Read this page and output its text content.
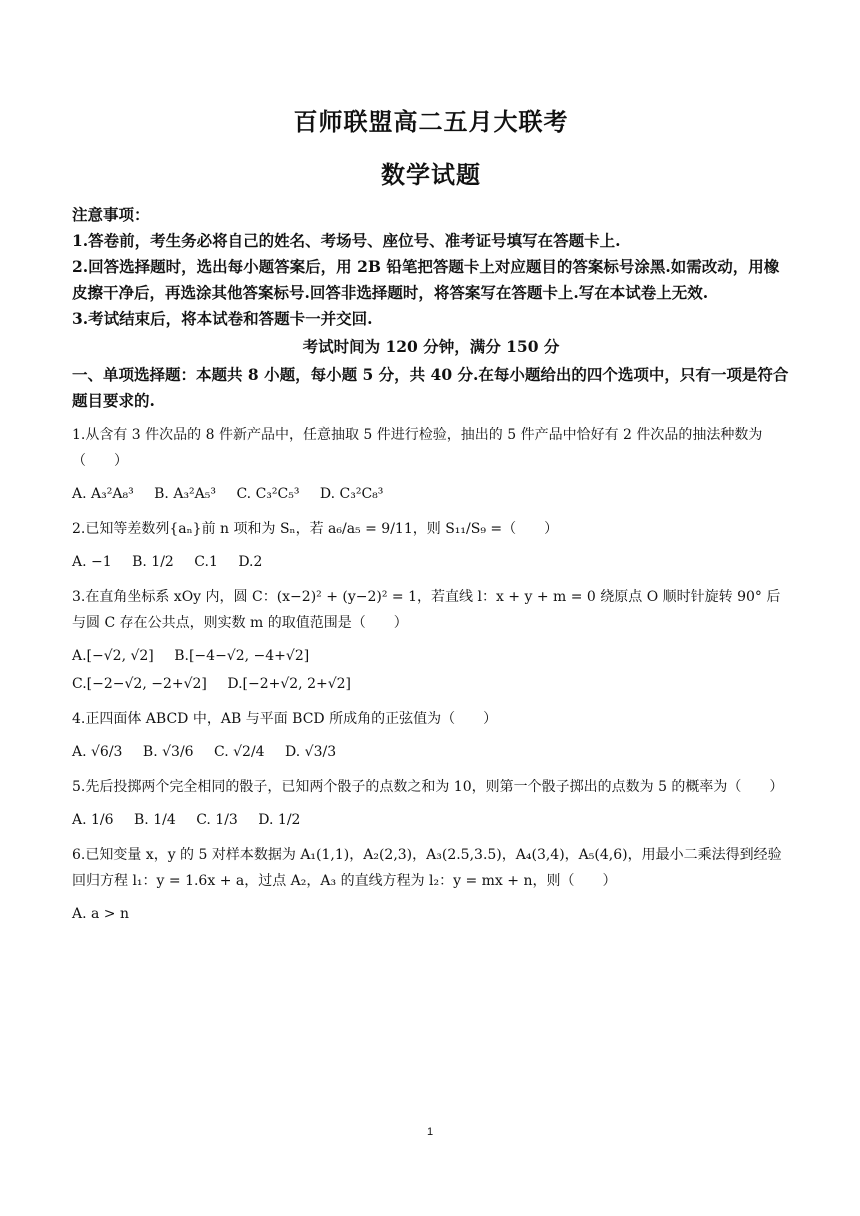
百师联盟高二五月大联考
数学试题
注意事项：
1.答卷前，考生务必将自己的姓名、考场号、座位号、准考证号填写在答题卡上.
2.回答选择题时，选出每小题答案后，用 2B 铅笔把答题卡上对应题目的答案标号涂黑.如需改动，用橡皮擦干净后，再选涂其他答案标号.回答非选择题时，将答案写在答题卡上.写在本试卷上无效.
3.考试结束后，将本试卷和答题卡一并交回.
考试时间为 120 分钟，满分 150 分
一、单项选择题：本题共 8 小题，每小题 5 分，共 40 分.在每小题给出的四个选项中，只有一项是符合题目要求的.
1.从含有 3 件次品的 8 件新产品中，任意抽取 5 件进行检验，抽出的 5 件产品中恰好有 2 件次品的抽法种数为（　　）
A. A₃²A₈³ B. A₃²A₅³ C. C₃²C₅³ D. C₃²C₈³
2.已知等差数列{aₙ}前 n 项和为 Sₙ，若 a₆/a₅ = 9/11，则 S₁₁/S₉ =（　　）
A. −1 B. 1/2 C.1 D.2
3.在直角坐标系 xOy 内，圆 C：(x−2)² + (y−2)² = 1，若直线 l：x + y + m = 0 绕原点 O 顺时针旋转 90° 后与圆 C 存在公共点，则实数 m 的取值范围是（　　）
A.[−√2, √2] B.[−4−√2, −4+√2]
C.[−2−√2, −2+√2] D.[−2+√2, 2+√2]
4.正四面体 ABCD 中，AB 与平面 BCD 所成角的正弦值为（　　）
A. √6/3 B. √3/6 C. √2/4 D. √3/3
5.先后投掷两个完全相同的骰子，已知两个骰子的点数之和为 10，则第一个骰子掷出的点数为 5 的概率为（　　）
A. 1/6 B. 1/4 C. 1/3 D. 1/2
6.已知变量 x，y 的 5 对样本数据为 A₁(1,1)，A₂(2,3)，A₃(2.5,3.5)，A₄(3,4)，A₅(4,6)，用最小二乘法得到经验回归方程 l₁：y = 1.6x + a，过点 A₂，A₃ 的直线方程为 l₂：y = mx + n，则（　　）
A. a > n
1
